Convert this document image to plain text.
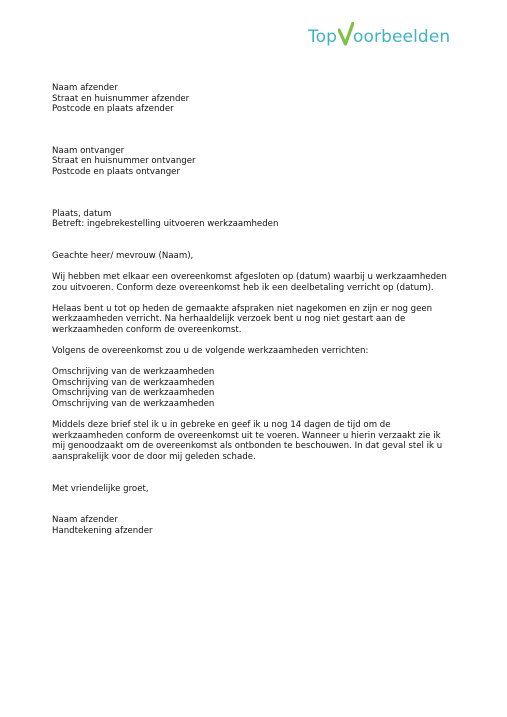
Top oorbeelden

Naam afzender

Straat en huisnummer afzender

Postcode en plaats afzender

Naam ontvanger

Straat en huisnummer ontvanger

Postcode en plaats ontvanger

Plaats, datum

Betreft: ingebrekestelling uitvoeren werkzaamheden

Geachte heer/ mevrouw (Naam),

Wij hebben met elkaar een overeenkomst afgesloten op (datum) waarbij u werkzaamheden

zou uitvoeren. Conform deze overeenkomst heb ik een deelbetaling verricht op (datum).

Helaas bent u tot op heden de gemaakte afspraken niet nagekomen en zijn er nog geen

werkzaamheden verricht. Na herhaaldelijk verzoek bent u nog niet gestart aan de

werkzaamheden conform de overeenkomst.

Volgens de overeenkomst zou u de volgende werkzaamheden verrichten:

Omschrijving van de werkzaamheden

Omschrijving van de werkzaamheden

Omschrijving van de werkzaamheden

Omschrijving van de werkzaamheden

Middels deze brief stel ik u in gebreke en geef ik u nog 14 dagen de tijd om de

werkzaamheden conform de overeenkomst uit te voeren. Wanneer u hierin verzaakt zie ik

mij genoodzaakt om de overeenkomst als ontbonden te beschouwen. In dat geval stel ik u

aansprakelijk voor de door mij geleden schade.

Met vriendelijke groet,

Naam afzender

Handtekening afzender
